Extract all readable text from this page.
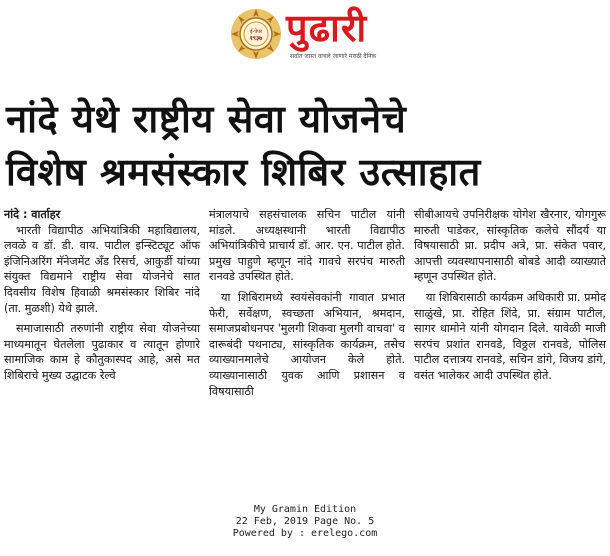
ई-पेपर
१९३७ पुढारी
सर्वात जास्त वाचले जाणारे मराठी दैनिक
नांदे येथे राष्ट्रीय सेवा योजनेचे
विशेष श्रमसंस्कार शिबिर उत्साहात
नांदे : वार्ताहर

भारती विद्यापीठ अभियांत्रिकी महाविद्यालय, लवळे व डॉ. डी. वाय. पाटील इन्स्टिट्यूट ऑफ इंजिनिअरिंग मॅनेजमेंट अँड रिसर्च, आकुर्डी यांच्या संयुक्त विद्यमाने राष्ट्रीय सेवा योजनेचे सात दिवसीय विशेष हिवाळी श्रमसंस्कार शिबिर नांदे (ता. मुळशी) येथे झाले.

समाजासाठी तरुणांनी राष्ट्रीय सेवा योजनेच्या माध्यमातून घेतलेला पुढाकार व त्यातून होणारे सामाजिक काम हे कौतुकास्पद आहे, असे मत शिबिराचे मुख्य उद्घाटक रेल्वे

मंत्रालयाचे सहसंचालक सचिन पाटील यांनी मांडले. अध्यक्षस्थानी भारती विद्यापीठ अभियांत्रिकीचे प्राचार्य डॉ. आर. एन. पाटील होते. प्रमुख पाहुणे म्हणून नांदे गावचे सरपंच मारुती रानवडे उपस्थित होते.

या शिबिरामध्ये स्वयंसेवकांनी गावात प्रभात फेरी, सर्वेक्षण, स्वच्छता अभियान, श्रमदान, समाजप्रबोधनपर 'मुलगी शिकवा मुलगी वाचवा' व दारूबंदी पथनाट्य, सांस्कृतिक कार्यक्रम, तसेच व्याख्यानमालेचे आयोजन केले होते. व्याख्यानासाठी युवक आणि प्रशासन व विषयासाठी

सीबीआयचे उपनिरीक्षक योगेश खैरनार, योगगुरू मारुती पाडेकर, सांस्कृतिक कलेचे सौंदर्य या विषयासाठी प्रा. प्रदीप अत्रे, प्रा. संकेत पवार, आपत्ती व्यवस्थापनासाठी बोबडे आदी व्याख्याते म्हणून उपस्थित होते.

या शिबिरासाठी कार्यक्रम अधिकारी प्रा. प्रमोद साळुंखे, प्रा. रोहित शिंदे, प्रा. संग्राम पाटील, सागर धामोने यांनी योगदान दिले. यावेळी माजी सरपंच प्रशांत रानवडे, विठ्ठल रानवडे, पोलिस पाटील दत्तात्रय रानवडे, सचिन डांगे, विजय डांगे, वसंत भालेकर आदी उपस्थित होते.

My Gramin Edition
22 Feb, 2019 Page No. 5
Powered by : erelego.com
